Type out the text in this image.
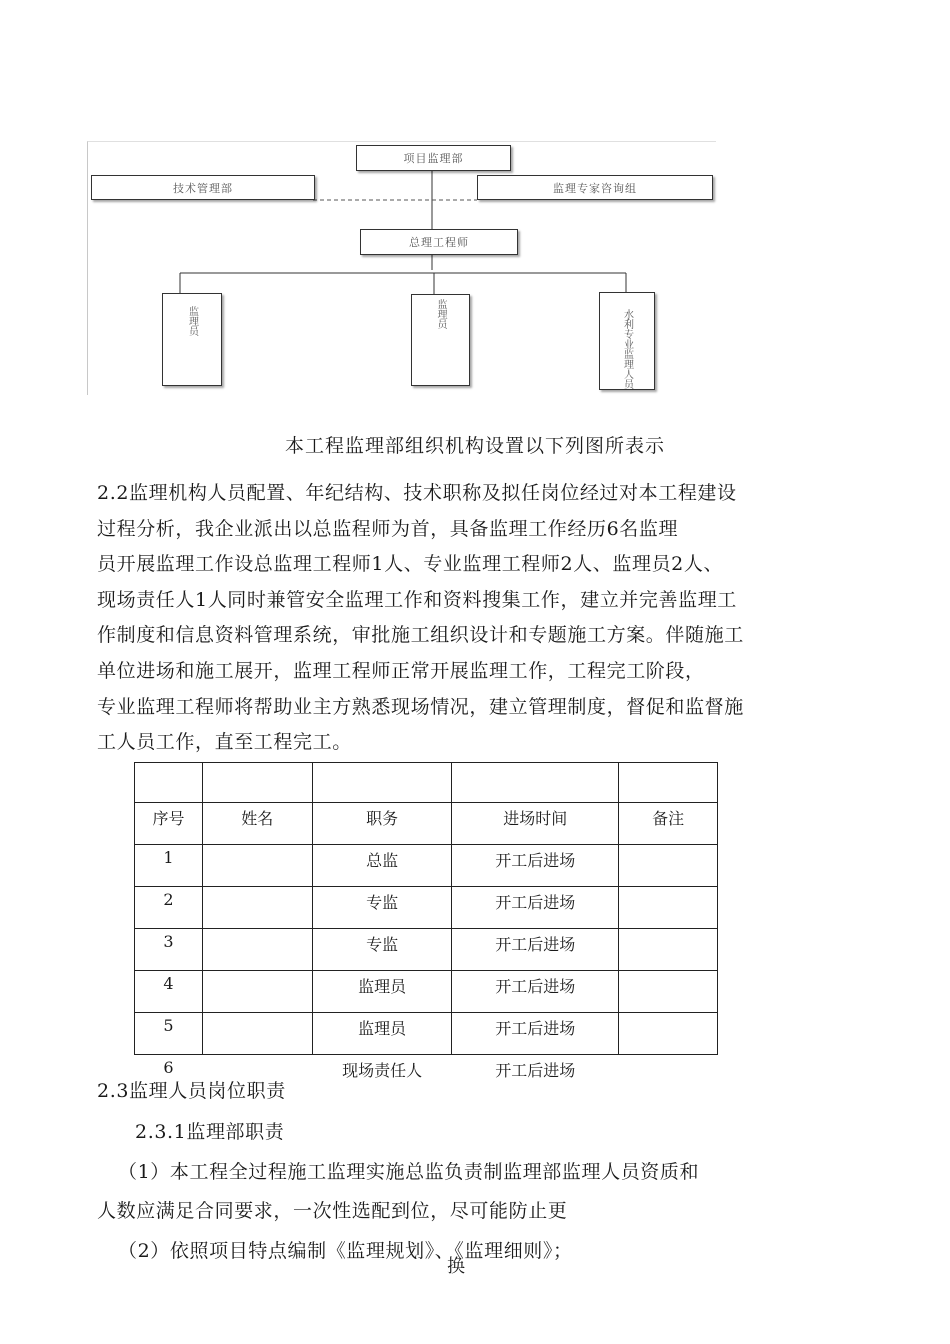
项目监理部
技术管理部	监理专家咨询组
总理工程师
监理员	监理员	水利专业监理人员
本工程监理部组织机构设置以下列图所表示
2.2监理机构人员配置、年纪结构、技术职称及拟任岗位经过对本工程建设
过程分析，我企业派出以总监程师为首，具备监理工作经历6名监理
员开展监理工作设总监理工程师1人、专业监理工程师2人、监理员2人、
现场责任人1人同时兼管安全监理工作和资料搜集工作，建立并完善监理工
作制度和信息资料管理系统，审批施工组织设计和专题施工方案。伴随施工
单位进场和施工展开，监理工程师正常开展监理工作，工程完工阶段，
专业监理工程师将帮助业主方熟悉现场情况，建立管理制度，督促和监督施
工人员工作，直至工程完工。

序号	姓名	职务	进场时间	备注
1		总监	开工后进场	
2		专监	开工后进场	
3		专监	开工后进场	
4		监理员	开工后进场	
5		监理员	开工后进场	
6		现场责任人	开工后进场	
2.3监理人员岗位职责
2.3.1监理部职责
（1）本工程全过程施工监理实施总监负责制监理部监理人员资质和
人数应满足合同要求，一次性选配到位，尽可能防止更
（2）依照项目特点编制《监理规划》、《监理细则》；
换
